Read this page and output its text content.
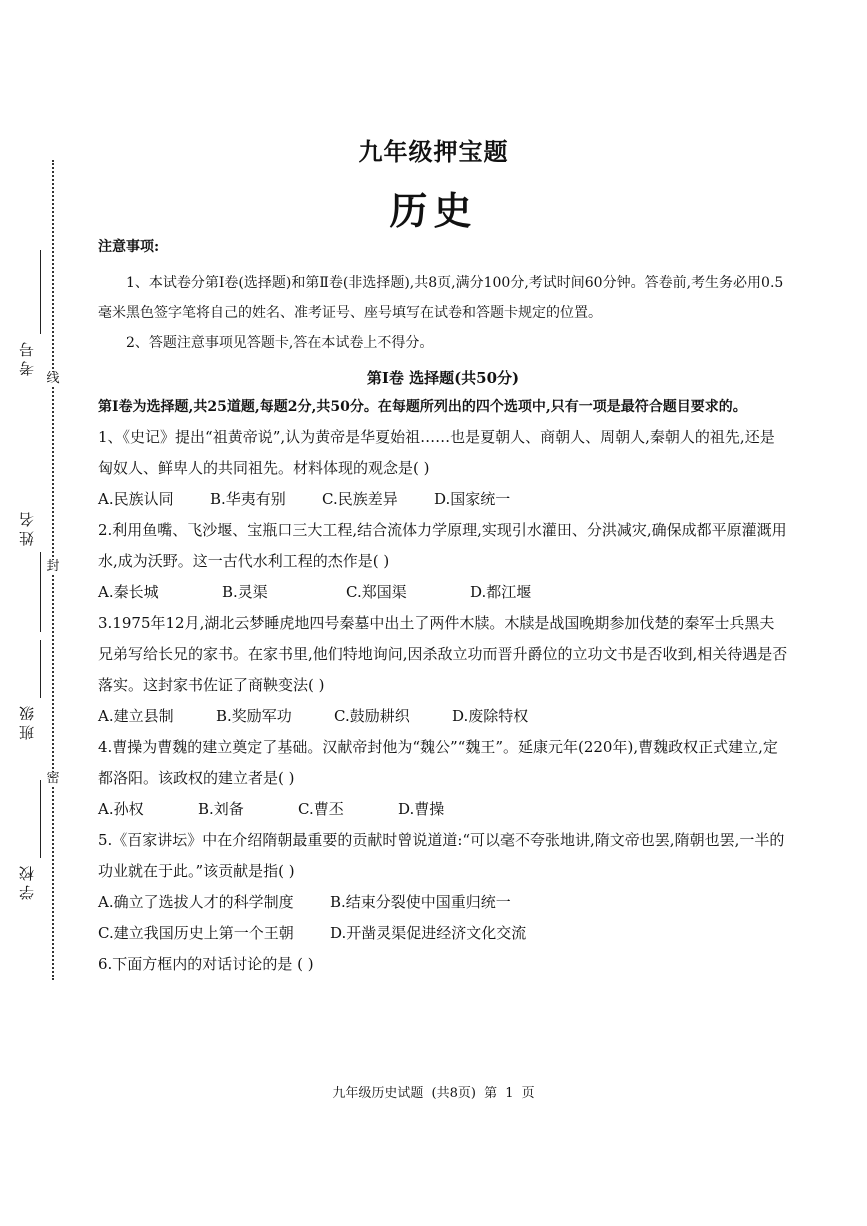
线
封
密
考号
姓名
班级
学校
九年级押宝题
历史
注意事项:

1、本试卷分第Ⅰ卷(选择题)和第Ⅱ卷(非选择题),共8页,满分100分,考试时间60分钟。答卷前,考生务必用0.5毫米黑色签字笔将自己的姓名、准考证号、座号填写在试卷和答题卡规定的位置。

2、答题注意事项见答题卡,答在本试卷上不得分。

第Ⅰ卷 选择题(共50分)

第Ⅰ卷为选择题,共25道题,每题2分,共50分。在每题所列出的四个选项中,只有一项是最符合题目要求的。

1、《史记》提出“祖黄帝说”,认为黄帝是华夏始祖……也是夏朝人、商朝人、周朝人,秦朝人的祖先,还是匈奴人、鲜卑人的共同祖先。材料体现的观念是( )

A.民族认同	B.华夷有别	C.民族差异	D.国家统一

2.利用鱼嘴、飞沙堰、宝瓶口三大工程,结合流体力学原理,实现引水灌田、分洪减灾,确保成都平原灌溉用水,成为沃野。这一古代水利工程的杰作是( )

A.秦长城	B.灵渠	C.郑国渠	D.都江堰

3.1975年12月,湖北云梦睡虎地四号秦墓中出土了两件木牍。木牍是战国晚期参加伐楚的秦军士兵黑夫兄弟写给长兄的家书。在家书里,他们特地询问,因杀敌立功而晋升爵位的立功文书是否收到,相关待遇是否落实。这封家书佐证了商鞅变法( )

A.建立县制	B.奖励军功	C.鼓励耕织	D.废除特权

4.曹操为曹魏的建立奠定了基础。汉献帝封他为“魏公”“魏王”。延康元年(220年),曹魏政权正式建立,定都洛阳。该政权的建立者是( )

A.孙权	B.刘备	C.曹丕	D.曹操

5.《百家讲坛》中在介绍隋朝最重要的贡献时曾说道道:“可以毫不夸张地讲,隋文帝也罢,隋朝也罢,一半的功业就在于此。”该贡献是指( )

A.确立了选拔人才的科学制度	B.结束分裂使中国重归统一
C.建立我国历史上第一个王朝	D.开凿灵渠促进经济文化交流

6.下面方框内的对话讨论的是 ( )

九年级历史试题 (共8页) 第 1 页
